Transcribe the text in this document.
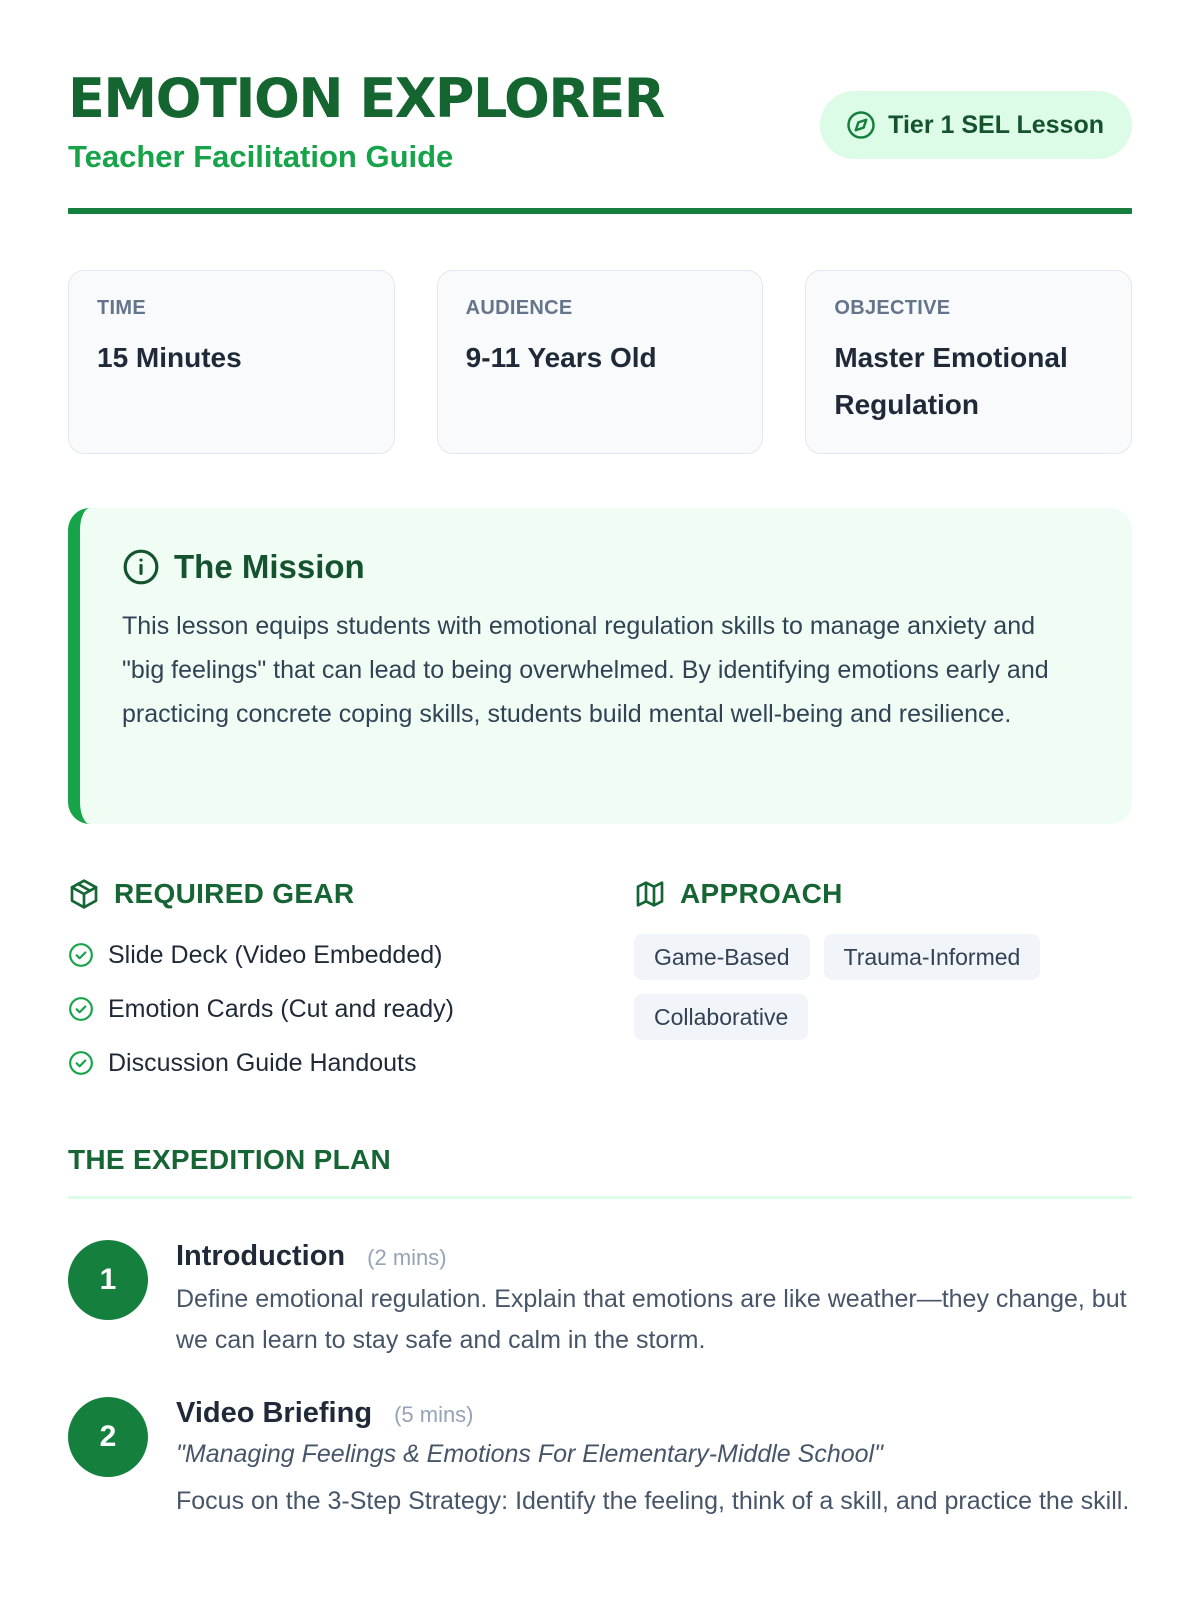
EMOTION EXPLORER
Teacher Facilitation Guide
Tier 1 SEL Lesson
TIME
15 Minutes
AUDIENCE
9-11 Years Old
OBJECTIVE
Master Emotional Regulation
The Mission

This lesson equips students with emotional regulation skills to manage anxiety and "big feelings" that can lead to being overwhelmed. By identifying emotions early and practicing concrete coping skills, students build mental well-being and resilience.

REQUIRED GEAR
Slide Deck (Video Embedded)
Emotion Cards (Cut and ready)
Discussion Guide Handouts
APPROACH
Game-Based	Trauma-Informed
Collaborative
THE EXPEDITION PLAN
1
Introduction (2 mins)

Define emotional regulation. Explain that emotions are like weather—they change, but we can learn to stay safe and calm in the storm.

2
Video Briefing (5 mins)

"Managing Feelings & Emotions For Elementary-Middle School"

Focus on the 3-Step Strategy: Identify the feeling, think of a skill, and practice the skill.
